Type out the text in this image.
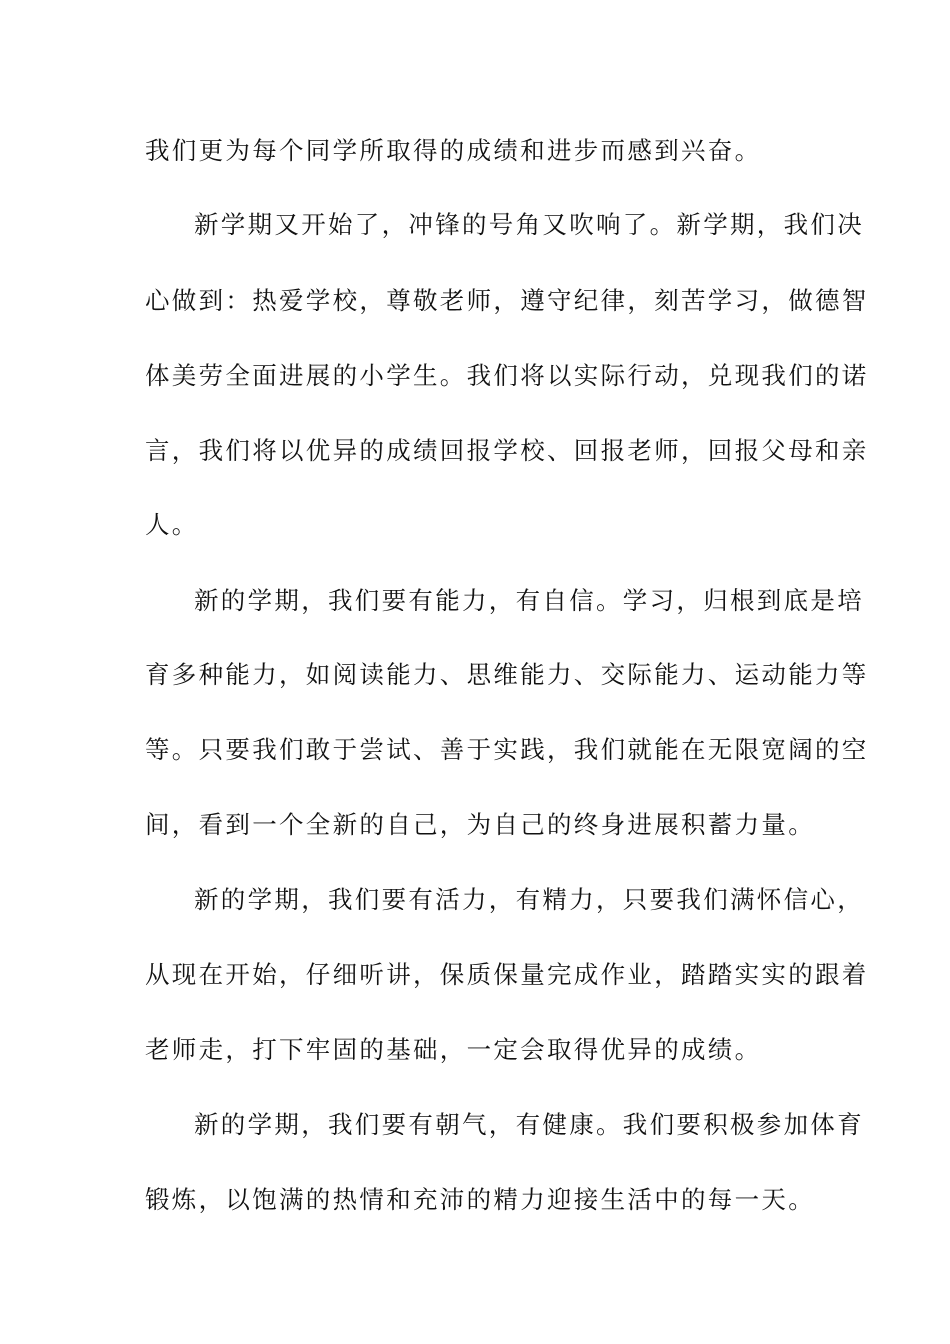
我们更为每个同学所取得的成绩和进步而感到兴奋。
新学期又开始了，冲锋的号角又吹响了。新学期，我们决
心做到：热爱学校，尊敬老师，遵守纪律，刻苦学习，做德智
体美劳全面进展的小学生。我们将以实际行动，兑现我们的诺
言，我们将以优异的成绩回报学校、回报老师，回报父母和亲
人。
新的学期，我们要有能力，有自信。学习，归根到底是培
育多种能力，如阅读能力、思维能力、交际能力、运动能力等
等。只要我们敢于尝试、善于实践，我们就能在无限宽阔的空
间，看到一个全新的自己，为自己的终身进展积蓄力量。
新的学期，我们要有活力，有精力，只要我们满怀信心，
从现在开始，仔细听讲，保质保量完成作业，踏踏实实的跟着
老师走，打下牢固的基础，一定会取得优异的成绩。
新的学期，我们要有朝气，有健康。我们要积极参加体育
锻炼，以饱满的热情和充沛的精力迎接生活中的每一天。
